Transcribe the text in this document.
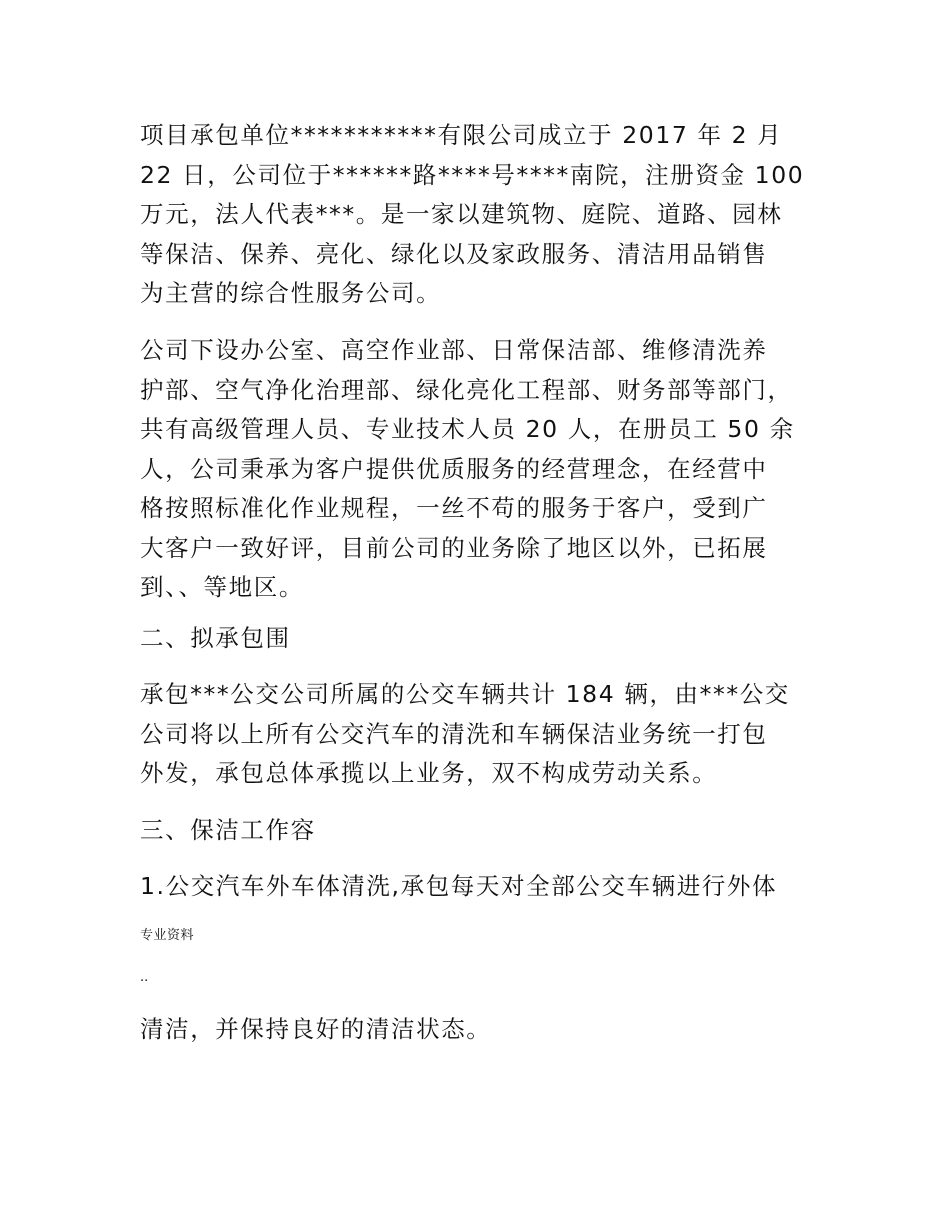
项目承包单位***********有限公司成立于 2017 年 2 月
22 日，公司位于******路****号****南院，注册资金 100
万元，法人代表***。是一家以建筑物、庭院、道路、园林
等保洁、保养、亮化、绿化以及家政服务、清洁用品销售
为主营的综合性服务公司。
公司下设办公室、高空作业部、日常保洁部、维修清洗养
护部、空气净化治理部、绿化亮化工程部、财务部等部门，
共有高级管理人员、专业技术人员 20 人，在册员工 50 余
人，公司秉承为客户提供优质服务的经营理念，在经营中
格按照标准化作业规程，一丝不苟的服务于客户，受到广
大客户一致好评，目前公司的业务除了地区以外，已拓展
到、、等地区。
二、拟承包围
承包***公交公司所属的公交车辆共计 184 辆，由***公交
公司将以上所有公交汽车的清洗和车辆保洁业务统一打包
外发，承包总体承揽以上业务，双不构成劳动关系。
三、保洁工作容
1.公交汽车外车体清洗,承包每天对全部公交车辆进行外体
专业资料
..
清洁，并保持良好的清洁状态。
